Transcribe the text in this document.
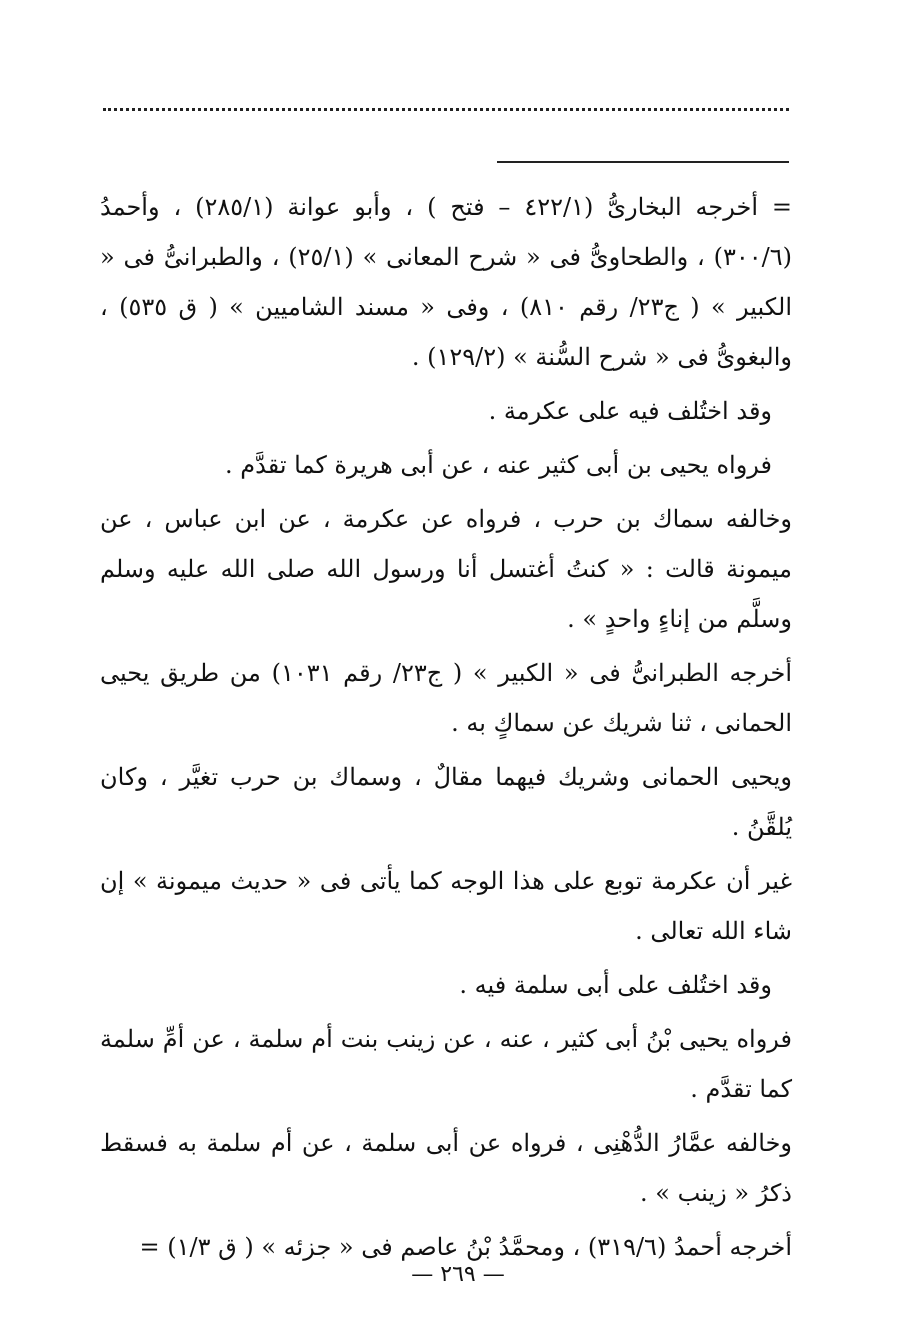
= أخرجه البخارىُّ (٤٢٢/١ – فتح ) ، وأبو عوانة (٢٨٥/١) ، وأحمدُ (٣٠٠/٦) ، والطحاوىُّ فى « شرح المعانى » (٢٥/١) ، والطبرانىُّ فى « الكبير » ( ج٢٣/ رقم ٨١٠) ، وفى « مسند الشاميين » ( ق ٥٣٥) ، والبغوىُّ فى « شرح السُّنة » (١٢٩/٢) .

وقد اختُلف فيه على عكرمة .

فرواه يحيى بن أبى كثير عنه ، عن أبى هريرة كما تقدَّم .

وخالفه سماك بن حرب ، فرواه عن عكرمة ، عن ابن عباس ، عن ميمونة قالت : « كنتُ أغتسل أنا ورسول الله صلى الله عليه وسلم وسلَّم من إناءٍ واحدٍ » .

أخرجه الطبرانىُّ فى « الكبير » ( ج٢٣/ رقم ١٠٣١) من طريق يحيى الحمانى ، ثنا شريك عن سماكٍ به .

ويحيى الحمانى وشريك فيهما مقالٌ ، وسماك بن حرب تغيَّر ، وكان يُلقَّنُ .

غير أن عكرمة توبع على هذا الوجه كما يأتى فى « حديث ميمونة » إن شاء الله تعالى .

وقد اختُلف على أبى سلمة فيه .

فرواه يحيى بْنُ أبى كثير ، عنه ، عن زينب بنت أم سلمة ، عن أمِّ سلمة كما تقدَّم .

وخالفه عمَّارُ الدُّهْنِى ، فرواه عن أبى سلمة ، عن أم سلمة به فسقط ذكرُ « زينب » .

أخرجه أحمدُ (٣١٩/٦) ، ومحمَّدُ بْنُ عاصم فى « جزئه » ( ق ١/٣) =

— ٢٦٩ —
